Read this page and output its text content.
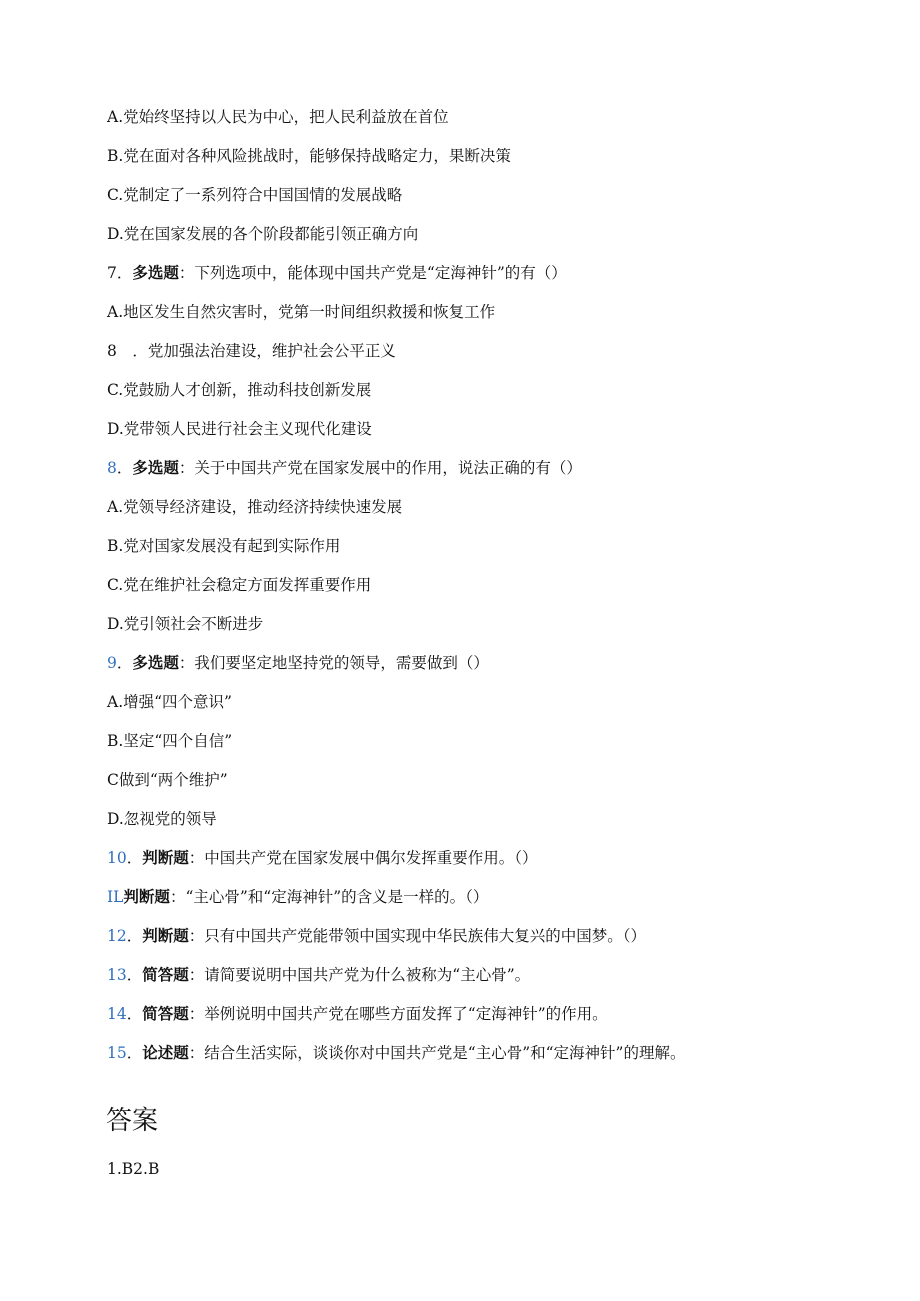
A.党始终坚持以人民为中心，把人民利益放在首位
B.党在面对各种风险挑战时，能够保持战略定力，果断决策
C.党制定了一系列符合中国国情的发展战略
D.党在国家发展的各个阶段都能引领正确方向
7．多选题：下列选项中，能体现中国共产党是“定海神针”的有（）
A.地区发生自然灾害时，党第一时间组织救援和恢复工作
8　．党加强法治建设，维护社会公平正义
C.党鼓励人才创新，推动科技创新发展
D.党带领人民进行社会主义现代化建设
8．多选题：关于中国共产党在国家发展中的作用，说法正确的有（）
A.党领导经济建设，推动经济持续快速发展
B.党对国家发展没有起到实际作用
C.党在维护社会稳定方面发挥重要作用
D.党引领社会不断进步
9．多选题：我们要坚定地坚持党的领导，需要做到（）
A.增强“四个意识”
B.坚定“四个自信”
C做到“两个维护”
D.忽视党的领导
10．判断题：中国共产党在国家发展中偶尔发挥重要作用。（）
IL判断题：“主心骨”和“定海神针”的含义是一样的。（）
12．判断题：只有中国共产党能带领中国实现中华民族伟大复兴的中国梦。（）
13．简答题：请简要说明中国共产党为什么被称为“主心骨”。
14．简答题：举例说明中国共产党在哪些方面发挥了“定海神针”的作用。
15．论述题：结合生活实际，谈谈你对中国共产党是“主心骨”和“定海神针”的理解。
答案
1.B2.B
